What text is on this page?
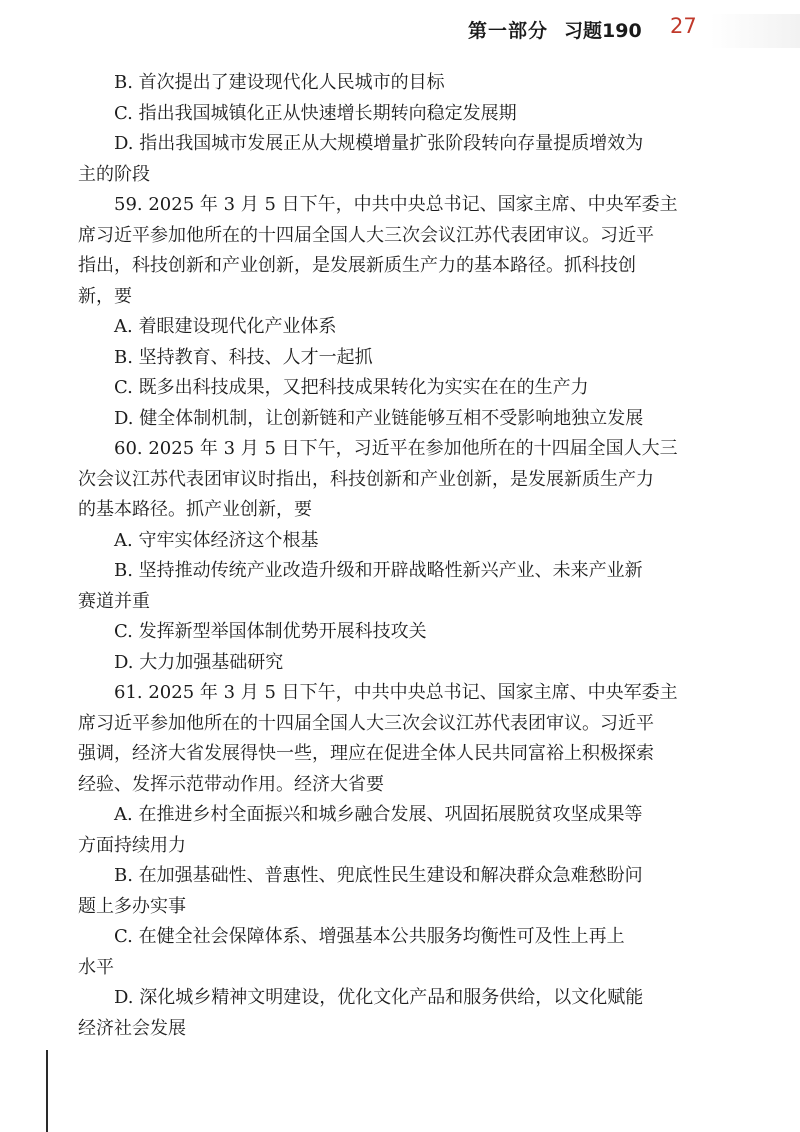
第一部分 习题190 27
B. 首次提出了建设现代化人民城市的目标
C. 指出我国城镇化正从快速增长期转向稳定发展期
D. 指出我国城市发展正从大规模增量扩张阶段转向存量提质增效为
主的阶段
59. 2025 年 3 月 5 日下午，中共中央总书记、国家主席、中央军委主
席习近平参加他所在的十四届全国人大三次会议江苏代表团审议。习近平
指出，科技创新和产业创新，是发展新质生产力的基本路径。抓科技创
新，要
A. 着眼建设现代化产业体系
B. 坚持教育、科技、人才一起抓
C. 既多出科技成果，又把科技成果转化为实实在在的生产力
D. 健全体制机制，让创新链和产业链能够互相不受影响地独立发展
60. 2025 年 3 月 5 日下午，习近平在参加他所在的十四届全国人大三
次会议江苏代表团审议时指出，科技创新和产业创新，是发展新质生产力
的基本路径。抓产业创新，要
A. 守牢实体经济这个根基
B. 坚持推动传统产业改造升级和开辟战略性新兴产业、未来产业新
赛道并重
C. 发挥新型举国体制优势开展科技攻关
D. 大力加强基础研究
61. 2025 年 3 月 5 日下午，中共中央总书记、国家主席、中央军委主
席习近平参加他所在的十四届全国人大三次会议江苏代表团审议。习近平
强调，经济大省发展得快一些，理应在促进全体人民共同富裕上积极探索
经验、发挥示范带动作用。经济大省要
A. 在推进乡村全面振兴和城乡融合发展、巩固拓展脱贫攻坚成果等
方面持续用力
B. 在加强基础性、普惠性、兜底性民生建设和解决群众急难愁盼问
题上多办实事
C. 在健全社会保障体系、增强基本公共服务均衡性可及性上再上
水平
D. 深化城乡精神文明建设，优化文化产品和服务供给，以文化赋能
经济社会发展
